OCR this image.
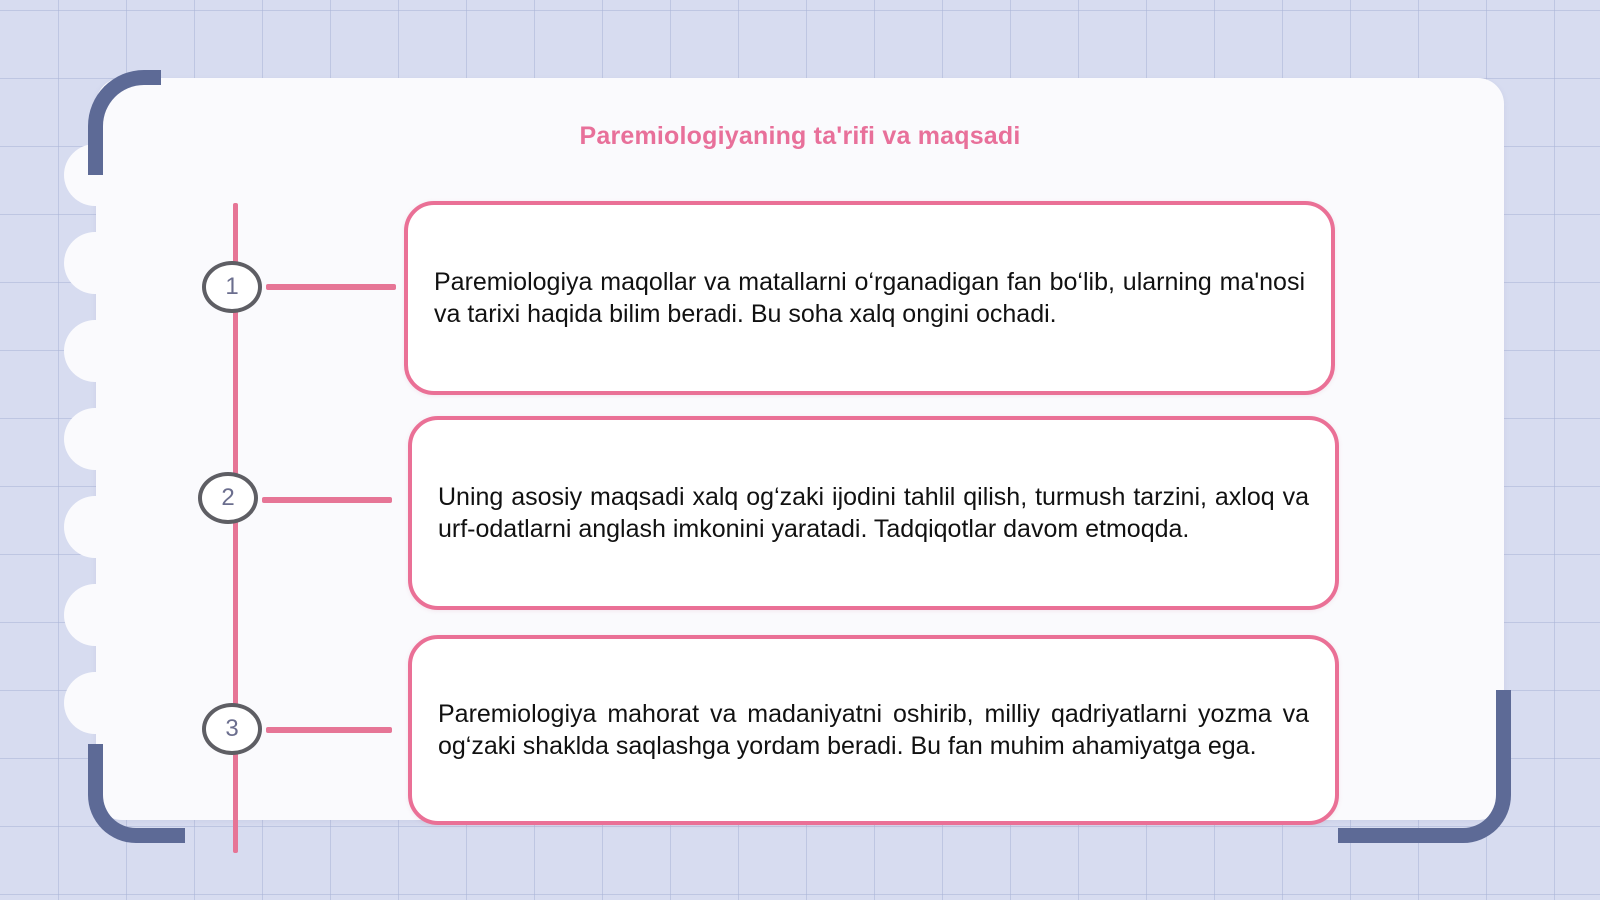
Paremiologiyaning ta'rifi va maqsadi
1
2
3

Paremiologiya maqollar va matallarni o‘rganadigan fan bo‘lib, ularning ma'nosi va tarixi haqida bilim beradi. Bu soha xalq ongini ochadi.

Uning asosiy maqsadi xalq og‘zaki ijodini tahlil qilish, turmush tarzini, axloq va urf-odatlarni anglash imkonini yaratadi. Tadqiqotlar davom etmoqda.

Paremiologiya mahorat va madaniyatni oshirib, milliy qadriyatlarni yozma va og‘zaki shaklda saqlashga yordam beradi. Bu fan muhim ahamiyatga ega.
